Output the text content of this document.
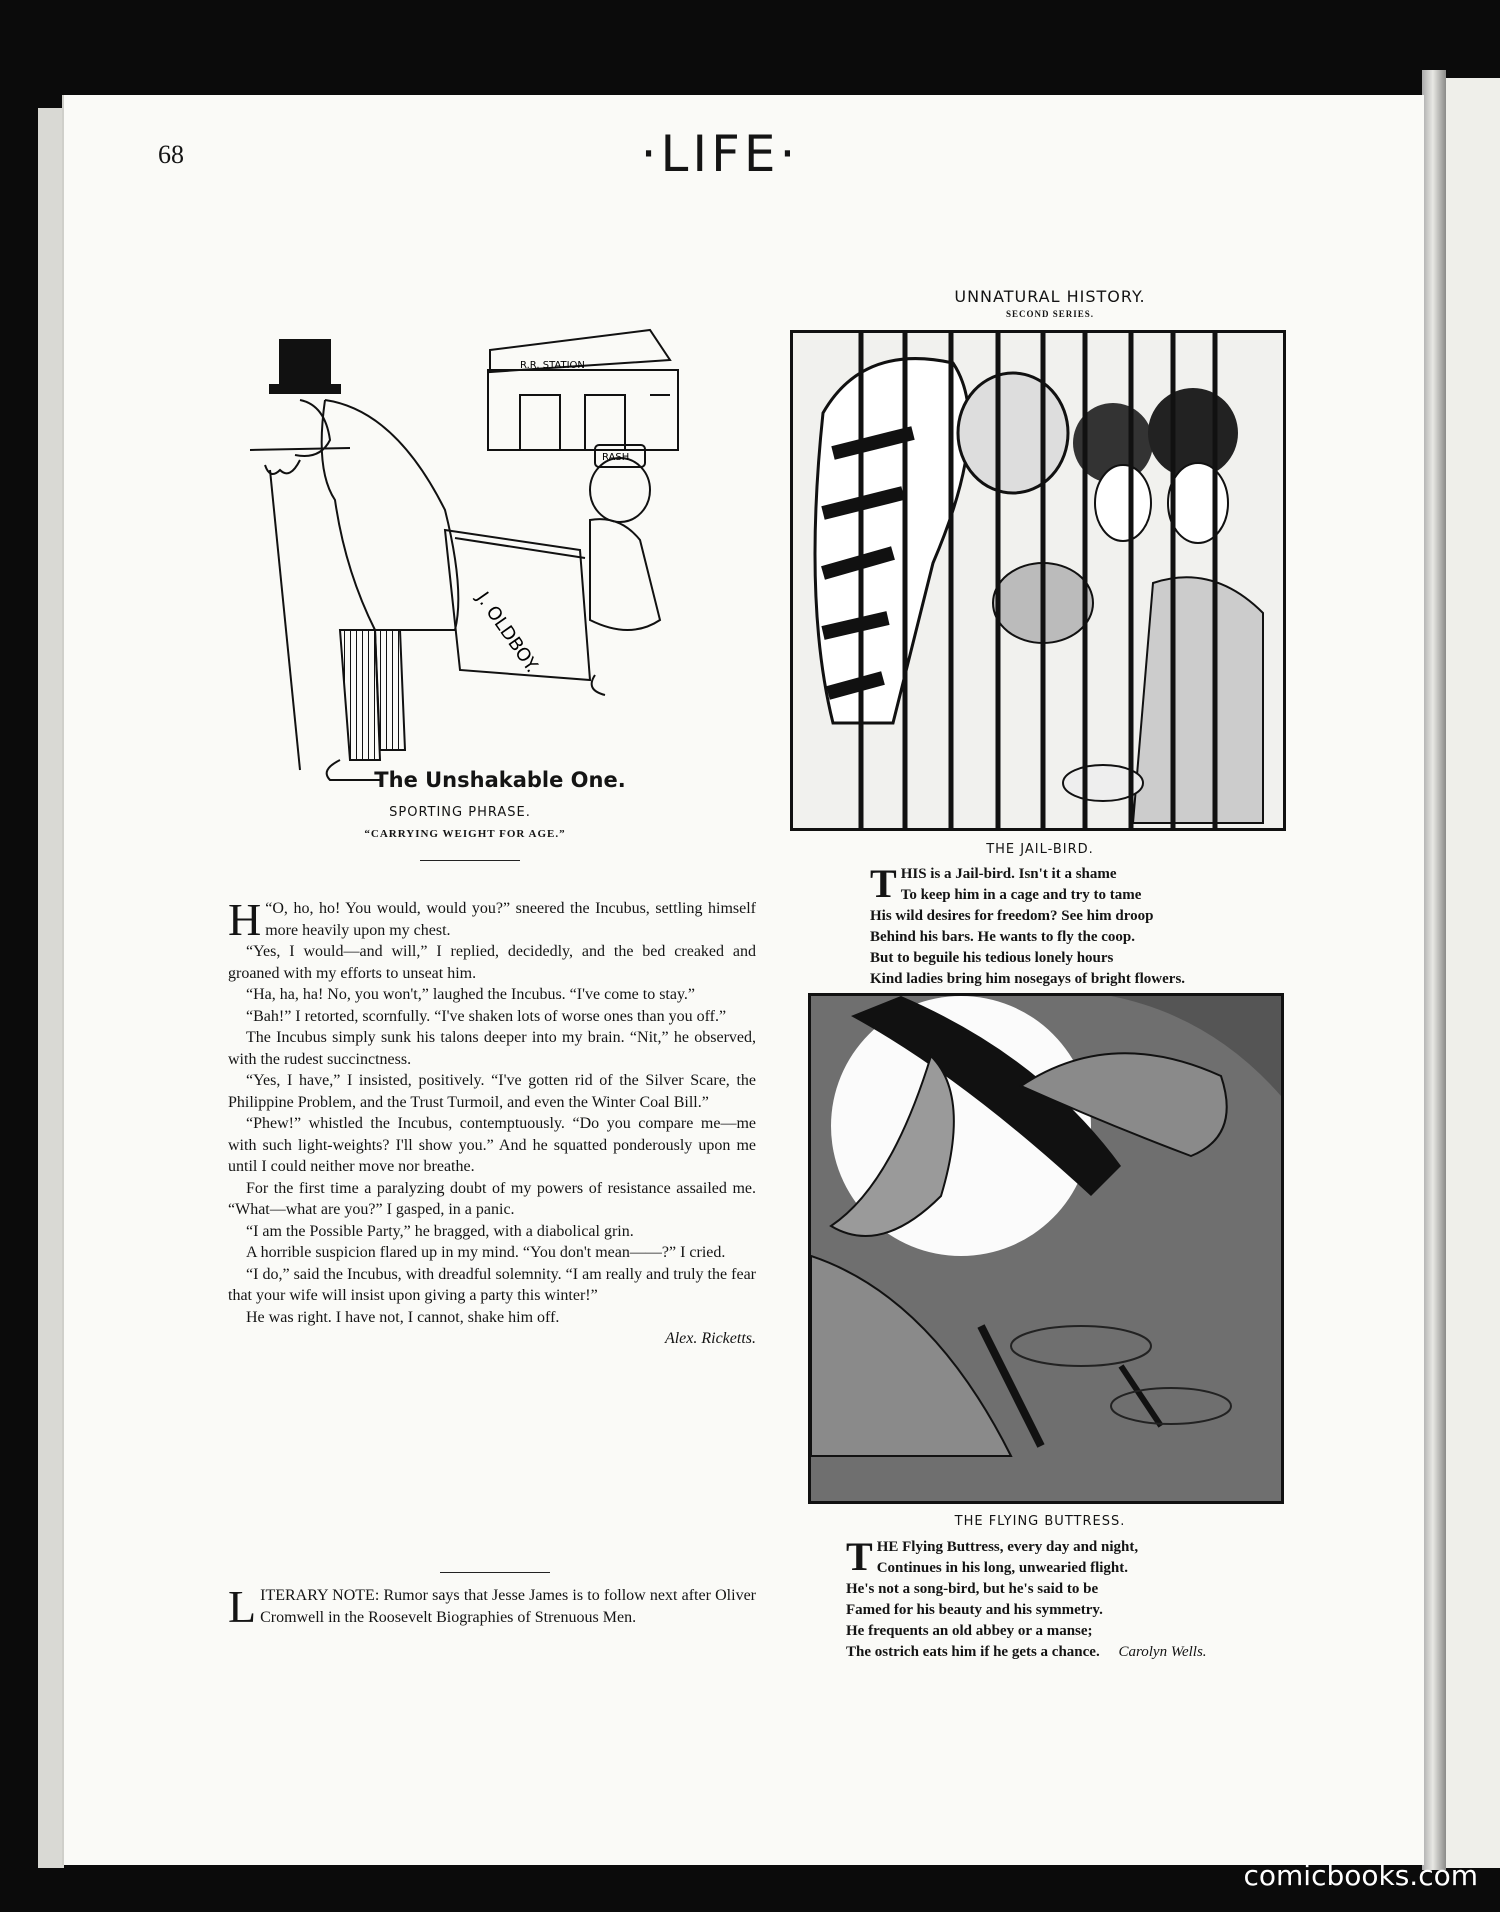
68	·LIFE·
R.R. STATION
RASH
J. OLDBOY.
SPORTING PHRASE.
“CARRYING WEIGHT FOR AGE.”
The Unshakable One.

“
H O, ho, ho! You would, would you?” sneered the Incubus, settling himself more heavily upon my chest.

“Yes, I would—and will,” I replied, decidedly, and the bed creaked and groaned with my efforts to unseat him.

“Ha, ha, ha! No, you won't,” laughed the Incubus. “I've come to stay.”

“Bah!” I retorted, scornfully. “I've shaken lots of worse ones than you off.”

The Incubus simply sunk his talons deeper into my brain. “Nit,” he observed, with the rudest succinctness.

“Yes, I have,” I insisted, positively. “I've gotten rid of the Silver Scare, the Philippine Problem, and the Trust Turmoil, and even the Winter Coal Bill.”

“Phew!” whistled the Incubus, contemptuously. “Do you compare me—me with such light-weights? I'll show you.” And he squatted ponderously upon me until I could neither move nor breathe.

For the first time a paralyzing doubt of my powers of resistance assailed me. “What—what are you?” I gasped, in a panic.

“I am the Possible Party,” he bragged, with a diabolical grin.

A horrible suspicion flared up in my mind. “You don't mean——?” I cried.

“I do,” said the Incubus, with dreadful solemnity. “I am really and truly the fear that your wife will insist upon giving a party this winter!”

He was right. I have not, I cannot, shake him off.

Alex. Ricketts.

LITERARY NOTE: Rumor says that Jesse James is to follow next after Oliver Cromwell in the Roosevelt Biographies of Strenuous Men.

UNNATURAL HISTORY.
SECOND SERIES.
THE JAIL-BIRD.
THIS is a Jail-bird. Isn't it a shame
To keep him in a cage and try to tame
His wild desires for freedom? See him droop
Behind his bars. He wants to fly the coop.
But to beguile his tedious lonely hours
Kind ladies bring him nosegays of bright flowers.
THE FLYING BUTTRESS.
THE Flying Buttress, every day and night,
Continues in his long, unwearied flight.
He's not a song-bird, but he's said to be
Famed for his beauty and his symmetry.
He frequents an old abbey or a manse;
The ostrich eats him if he gets a chance. Carolyn Wells.
comicbooks.com
